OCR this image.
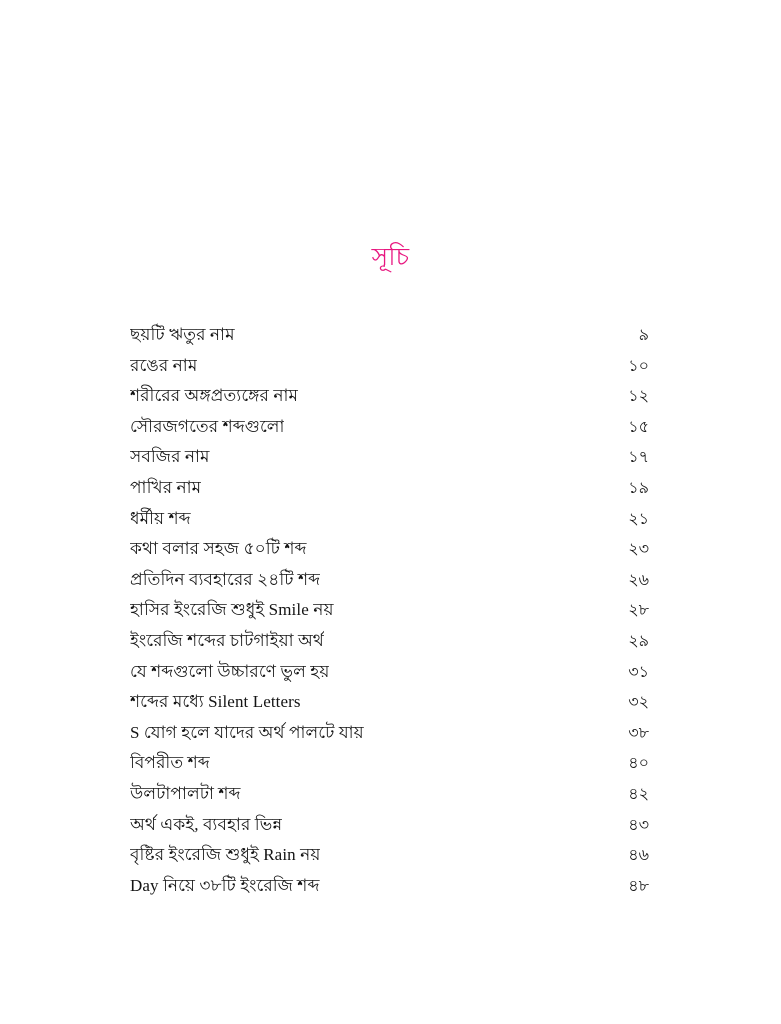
সূচি
ছয়টি ঋতুর নাম	৯
রঙের নাম	১০
শরীরের অঙ্গপ্রত্যঙ্গের নাম	১২
সৌরজগতের শব্দগুলো	১৫
সবজির নাম	১৭
পাখির নাম	১৯
ধর্মীয় শব্দ	২১
কথা বলার সহজ ৫০টি শব্দ	২৩
প্রতিদিন ব্যবহারের ২৪টি শব্দ	২৬
হাসির ইংরেজি শুধুই Smile নয়	২৮
ইংরেজি শব্দের চাটগাইয়া অর্থ	২৯
যে শব্দগুলো উচ্চারণে ভুল হয়	৩১
শব্দের মধ্যে Silent Letters	৩২
S যোগ হলে যাদের অর্থ পালটে যায়	৩৮
বিপরীত শব্দ	৪০
উলটাপালটা শব্দ	৪২
অর্থ একই, ব্যবহার ভিন্ন	৪৩
বৃষ্টির ইংরেজি শুধুই Rain নয়	৪৬
Day নিয়ে ৩৮টি ইংরেজি শব্দ	৪৮
